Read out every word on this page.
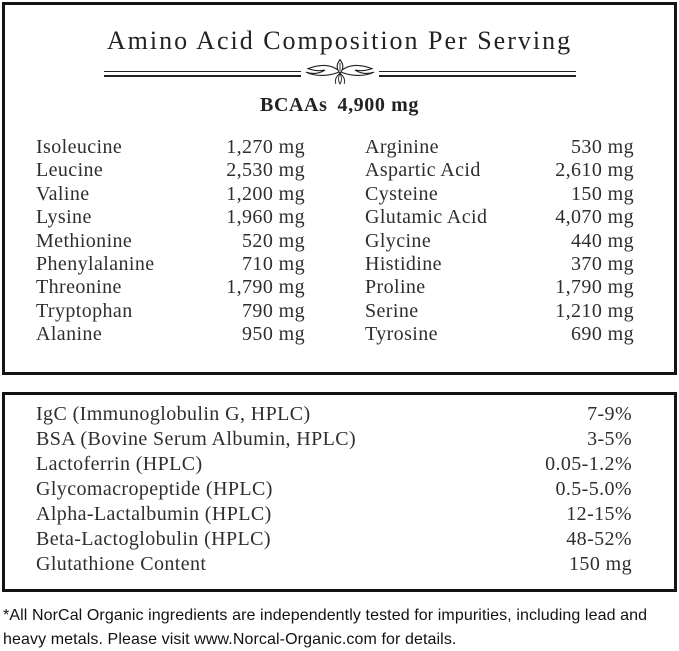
Amino Acid Composition Per Serving
BCAAs 4,900 mg
Isoleucine	1,270 mg
Leucine	2,530 mg
Valine	1,200 mg
Lysine	1,960 mg
Methionine	520 mg
Phenylalanine	710 mg
Threonine	1,790 mg
Tryptophan	790 mg
Alanine	950 mg
Arginine	530 mg
Aspartic Acid	2,610 mg
Cysteine	150 mg
Glutamic Acid	4,070 mg
Glycine	440 mg
Histidine	370 mg
Proline	1,790 mg
Serine	1,210 mg
Tyrosine	690 mg
IgC (Immunoglobulin G, HPLC)	7-9%
BSA (Bovine Serum Albumin, HPLC)	3-5%
Lactoferrin (HPLC)	0.05-1.2%
Glycomacropeptide (HPLC)	0.5-5.0%
Alpha-Lactalbumin (HPLC)	12-15%
Beta-Lactoglobulin (HPLC)	48-52%
Glutathione Content	150 mg
*All NorCal Organic ingredients are independently tested for impurities, including lead and heavy metals. Please visit www.Norcal-Organic.com for details.
